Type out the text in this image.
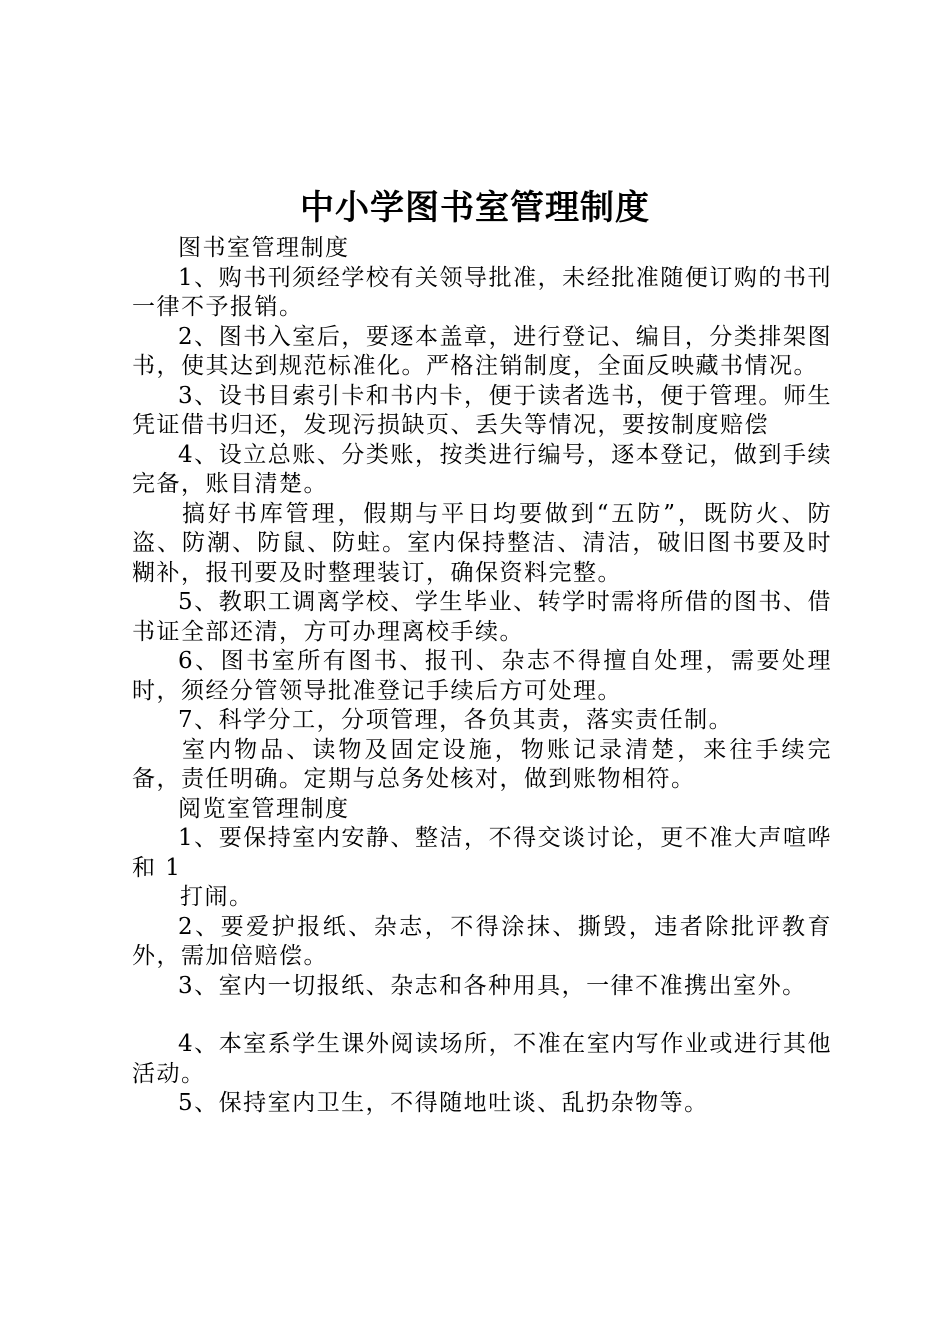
中小学图书室管理制度

图书室管理制度

1、购书刊须经学校有关领导批准，未经批准随便订购的书刊一律不予报销。

2、图书入室后，要逐本盖章，进行登记、编目，分类排架图书，使其达到规范标准化。严格注销制度，全面反映藏书情况。

3、设书目索引卡和书内卡，便于读者选书，便于管理。师生凭证借书归还，发现污损缺页、丢失等情况，要按制度赔偿

4、设立总账、分类账，按类进行编号，逐本登记，做到手续完备，账目清楚。

搞好书库管理，假期与平日均要做到“五防”，既防火、防盗、防潮、防鼠、防蛀。室内保持整洁、清洁，破旧图书要及时糊补，报刊要及时整理装订，确保资料完整。

5、教职工调离学校、学生毕业、转学时需将所借的图书、借书证全部还清，方可办理离校手续。

6、图书室所有图书、报刊、杂志不得擅自处理，需要处理时，须经分管领导批准登记手续后方可处理。

7、科学分工，分项管理，各负其责，落实责任制。

室内物品、读物及固定设施，物账记录清楚，来往手续完备，责任明确。定期与总务处核对，做到账物相符。

阅览室管理制度

1、要保持室内安静、整洁，不得交谈讨论，更不准大声喧哗和 1

打闹。

2、要爱护报纸、杂志，不得涂抹、撕毁，违者除批评教育外，需加倍赔偿。

3、室内一切报纸、杂志和各种用具，一律不准携出室外。

4、本室系学生课外阅读场所，不准在室内写作业或进行其他活动。

5、保持室内卫生，不得随地吐谈、乱扔杂物等。
